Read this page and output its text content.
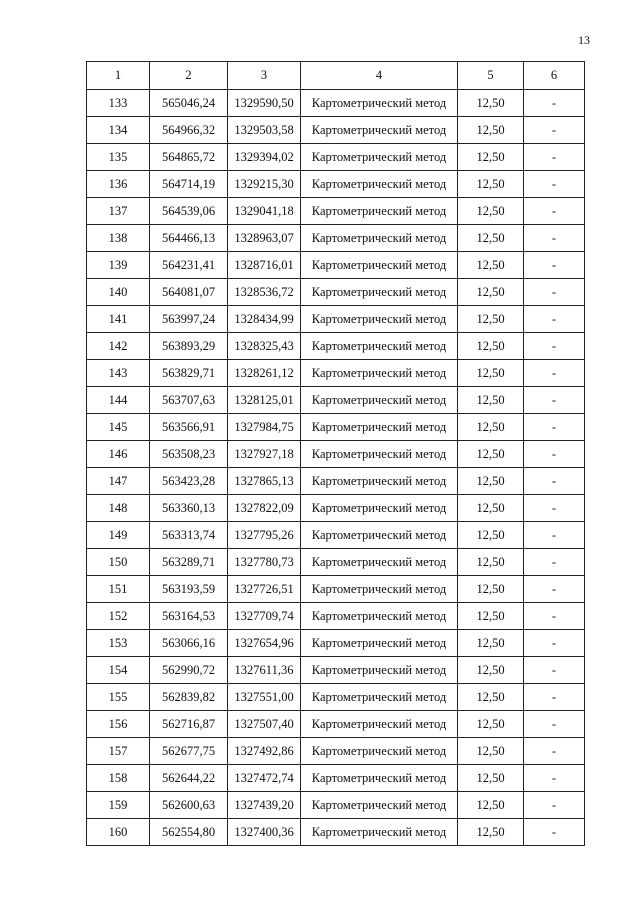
13
1	2	3	4	5	6
133	565046,24	1329590,50	Картометрический метод	12,50	-
134	564966,32	1329503,58	Картометрический метод	12,50	-
135	564865,72	1329394,02	Картометрический метод	12,50	-
136	564714,19	1329215,30	Картометрический метод	12,50	-
137	564539,06	1329041,18	Картометрический метод	12,50	-
138	564466,13	1328963,07	Картометрический метод	12,50	-
139	564231,41	1328716,01	Картометрический метод	12,50	-
140	564081,07	1328536,72	Картометрический метод	12,50	-
141	563997,24	1328434,99	Картометрический метод	12,50	-
142	563893,29	1328325,43	Картометрический метод	12,50	-
143	563829,71	1328261,12	Картометрический метод	12,50	-
144	563707,63	1328125,01	Картометрический метод	12,50	-
145	563566,91	1327984,75	Картометрический метод	12,50	-
146	563508,23	1327927,18	Картометрический метод	12,50	-
147	563423,28	1327865,13	Картометрический метод	12,50	-
148	563360,13	1327822,09	Картометрический метод	12,50	-
149	563313,74	1327795,26	Картометрический метод	12,50	-
150	563289,71	1327780,73	Картометрический метод	12,50	-
151	563193,59	1327726,51	Картометрический метод	12,50	-
152	563164,53	1327709,74	Картометрический метод	12,50	-
153	563066,16	1327654,96	Картометрический метод	12,50	-
154	562990,72	1327611,36	Картометрический метод	12,50	-
155	562839,82	1327551,00	Картометрический метод	12,50	-
156	562716,87	1327507,40	Картометрический метод	12,50	-
157	562677,75	1327492,86	Картометрический метод	12,50	-
158	562644,22	1327472,74	Картометрический метод	12,50	-
159	562600,63	1327439,20	Картометрический метод	12,50	-
160	562554,80	1327400,36	Картометрический метод	12,50	-
